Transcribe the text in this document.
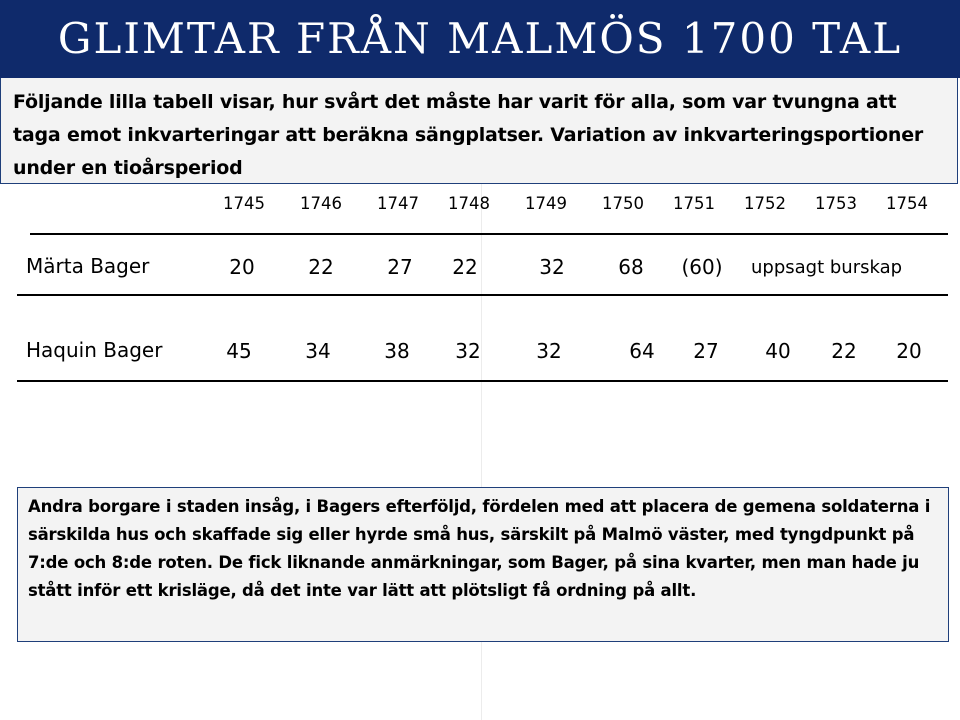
GLIMTAR FRÅN MALMÖS 1700 TAL

Följande lilla tabell visar, hur svårt det måste har varit för alla, som var tvungna att taga emot inkvarteringar att beräkna sängplatser. Variation av inkvarteringsportioner under en tioårsperiod

1745	1746	1747	1748	1749	1750	1751	1752	1753	1754
Märta Bager	20	22	27	22	32	68	(60)	uppsagt burskap
Haquin Bager	45	34	38	32	32	64	27	40	22	20

Andra borgare i staden insåg, i Bagers efterföljd, fördelen med att placera de gemena soldaterna i särskilda hus och skaffade sig eller hyrde små hus, särskilt på Malmö väster, med tyngdpunkt på 7:de och 8:de roten. De fick liknande anmärkningar, som Bager, på sina kvarter, men man hade ju stått inför ett krisläge, då det inte var lätt att plötsligt få ordning på allt.
